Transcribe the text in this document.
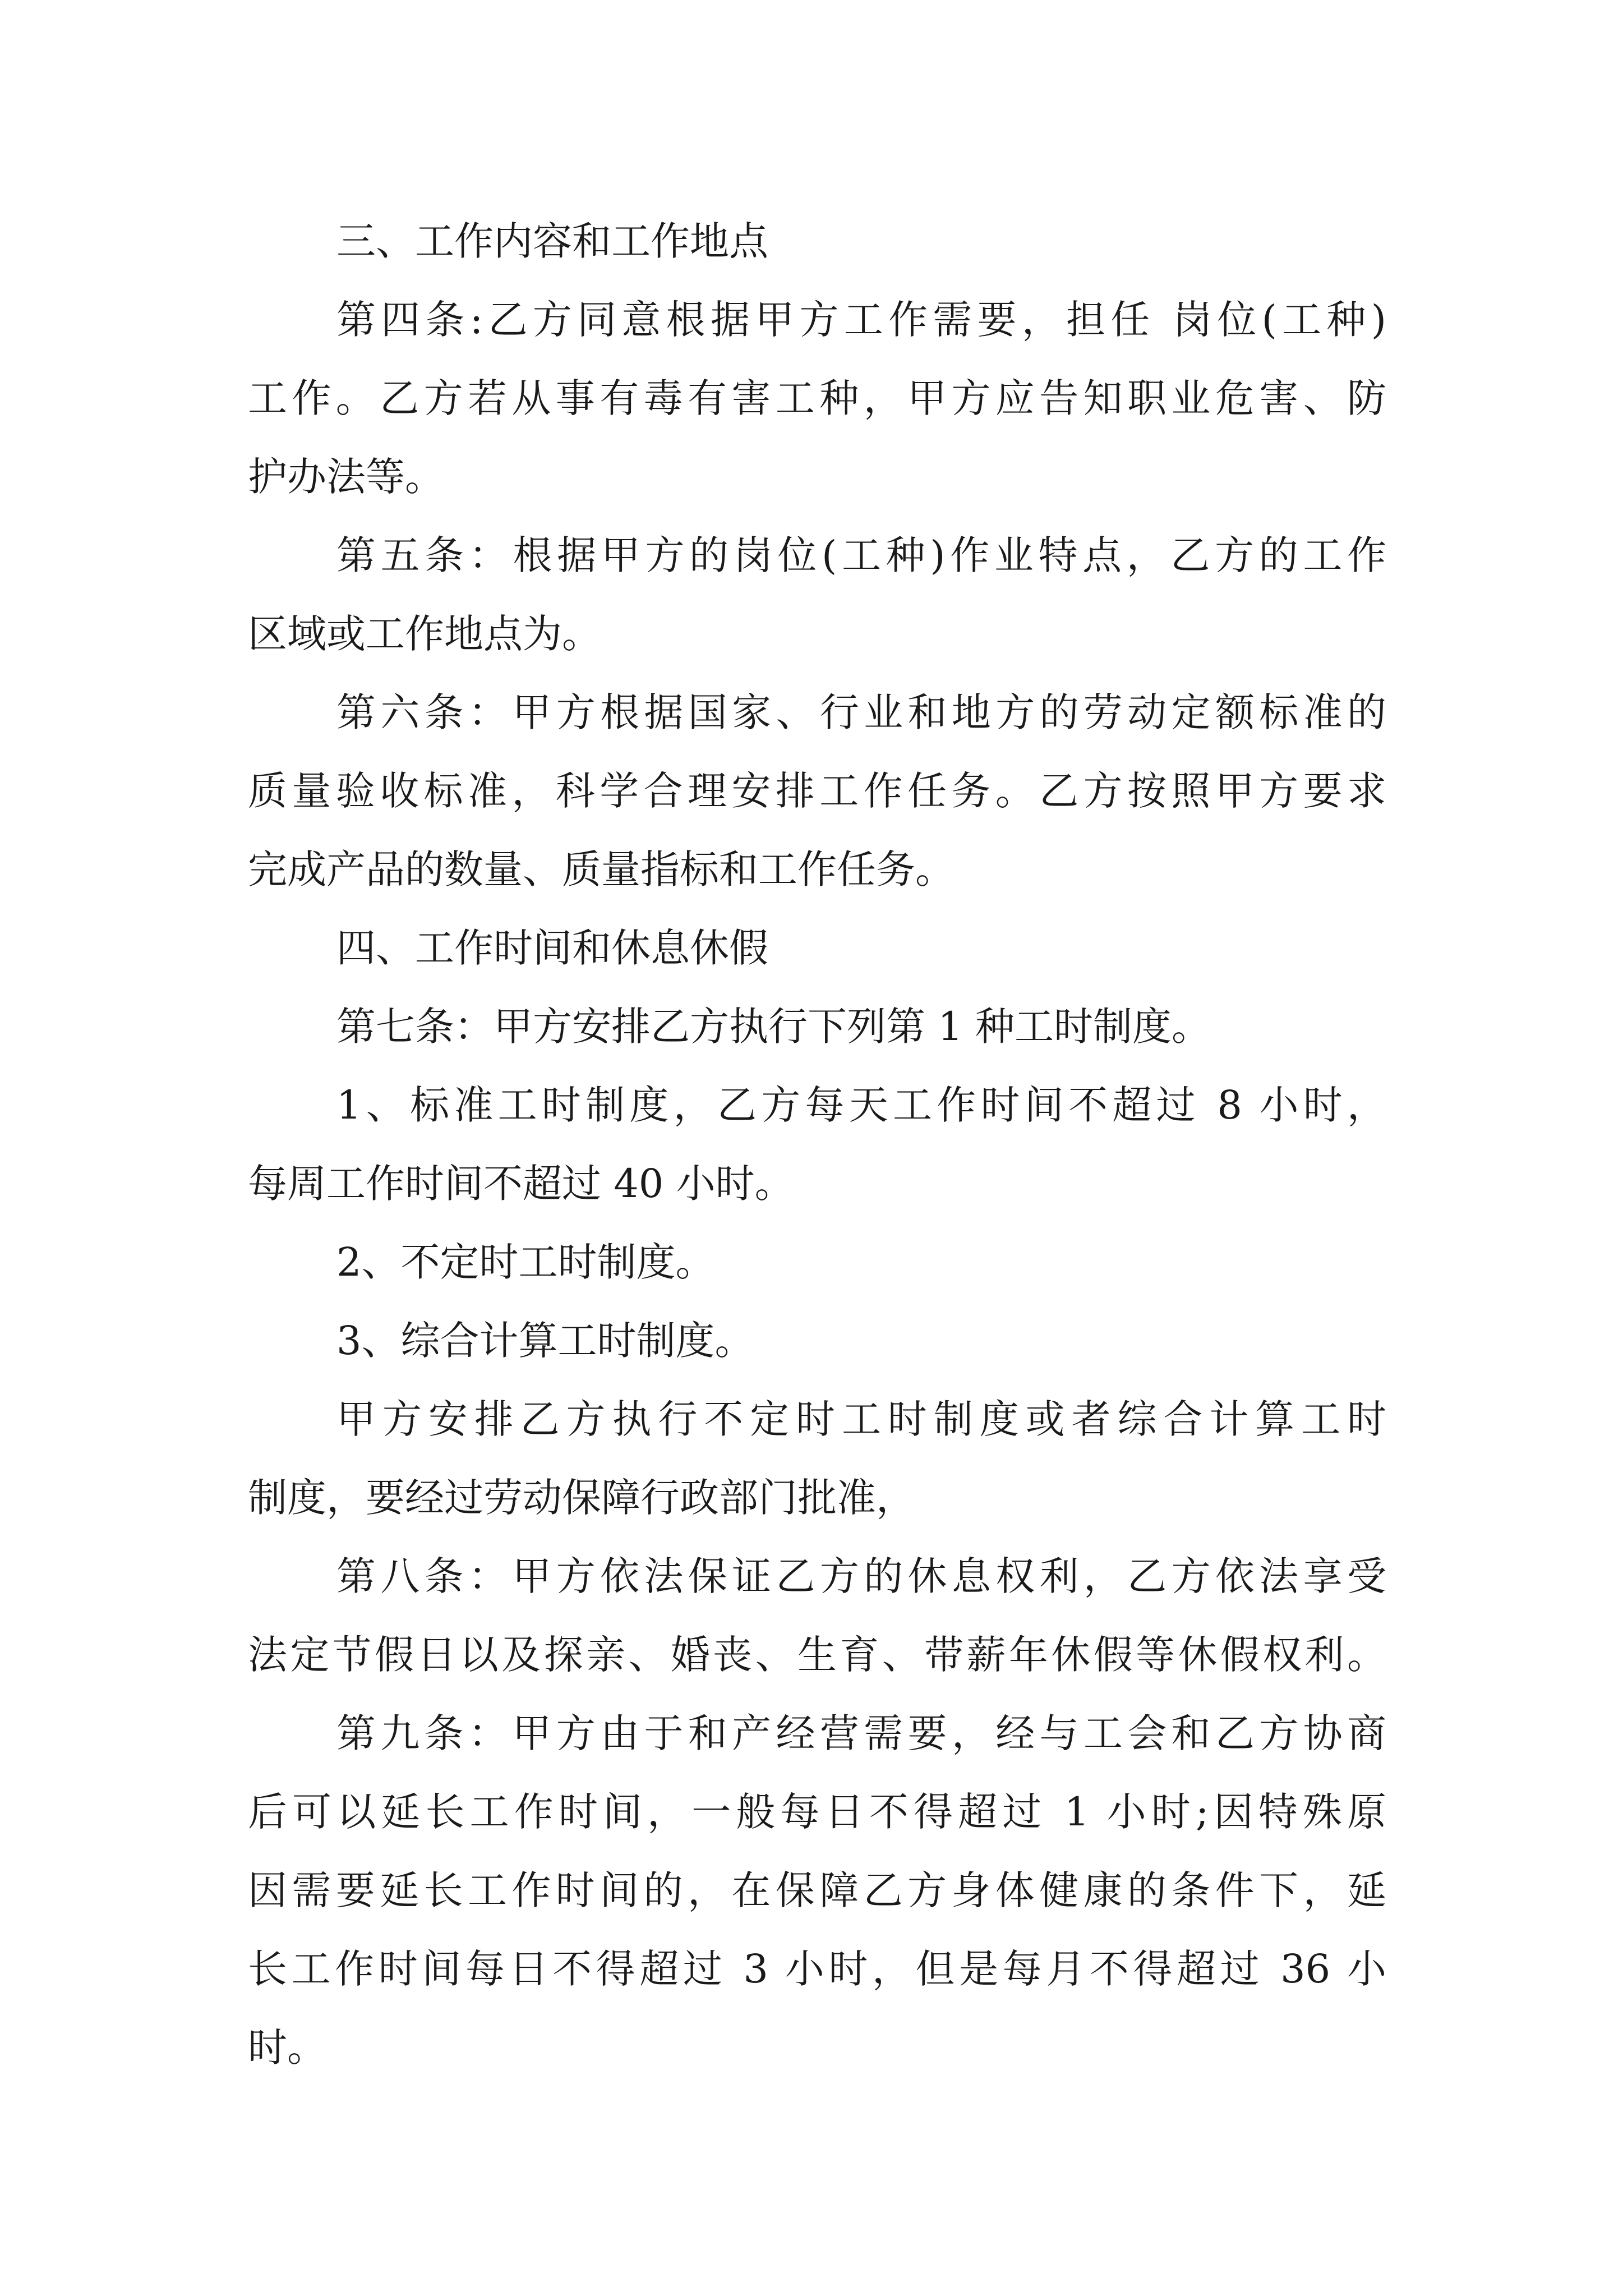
三、工作内容和工作地点
第四条:乙方同意根据甲方工作需要，担任 岗位(工种)
工作。乙方若从事有毒有害工种，甲方应告知职业危害、防
护办法等。
第五条：根据甲方的岗位(工种)作业特点，乙方的工作
区域或工作地点为。
第六条：甲方根据国家、行业和地方的劳动定额标准的
质量验收标准，科学合理安排工作任务。乙方按照甲方要求
完成产品的数量、质量指标和工作任务。
四、工作时间和休息休假
第七条：甲方安排乙方执行下列第 1 种工时制度。
1、标准工时制度，乙方每天工作时间不超过 8 小时，
每周工作时间不超过 40 小时。
2、不定时工时制度。
3、综合计算工时制度。
甲方安排乙方执行不定时工时制度或者综合计算工时
制度，要经过劳动保障行政部门批准，
第八条：甲方依法保证乙方的休息权利，乙方依法享受
法定节假日以及探亲、婚丧、生育、带薪年休假等休假权利。
第九条：甲方由于和产经营需要，经与工会和乙方协商
后可以延长工作时间，一般每日不得超过 1 小时;因特殊原
因需要延长工作时间的，在保障乙方身体健康的条件下，延
长工作时间每日不得超过 3 小时，但是每月不得超过 36 小
时。
